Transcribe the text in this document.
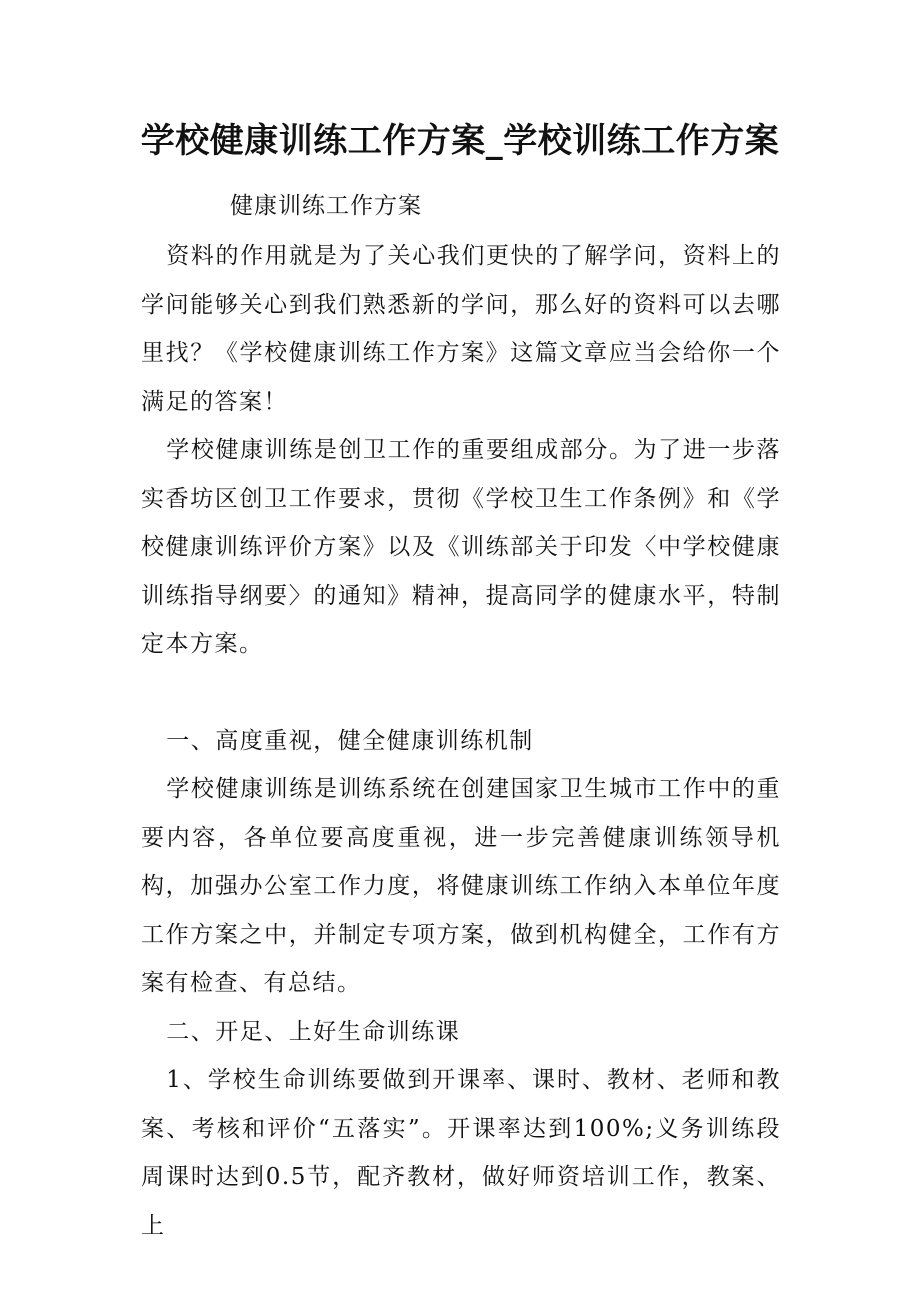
学校健康训练工作方案_学校训练工作方案
健康训练工作方案

资料的作用就是为了关心我们更快的了解学问，资料上的学问能够关心到我们熟悉新的学问，那么好的资料可以去哪里找？《学校健康训练工作方案》这篇文章应当会给你一个满足的答案！

学校健康训练是创卫工作的重要组成部分。为了进一步落实香坊区创卫工作要求，贯彻《学校卫生工作条例》和《学校健康训练评价方案》以及《训练部关于印发〈中学校健康训练指导纲要〉的通知》精神，提高同学的健康水平，特制定本方案。

一、高度重视，健全健康训练机制

学校健康训练是训练系统在创建国家卫生城市工作中的重要内容，各单位要高度重视，进一步完善健康训练领导机构，加强办公室工作力度，将健康训练工作纳入本单位年度工作方案之中，并制定专项方案，做到机构健全，工作有方案有检查、有总结。

二、开足、上好生命训练课

1、学校生命训练要做到开课率、课时、教材、老师和教案、考核和评价“五落实”。开课率达到100%;义务训练段周课时达到0.5节，配齐教材，做好师资培训工作，教案、上
